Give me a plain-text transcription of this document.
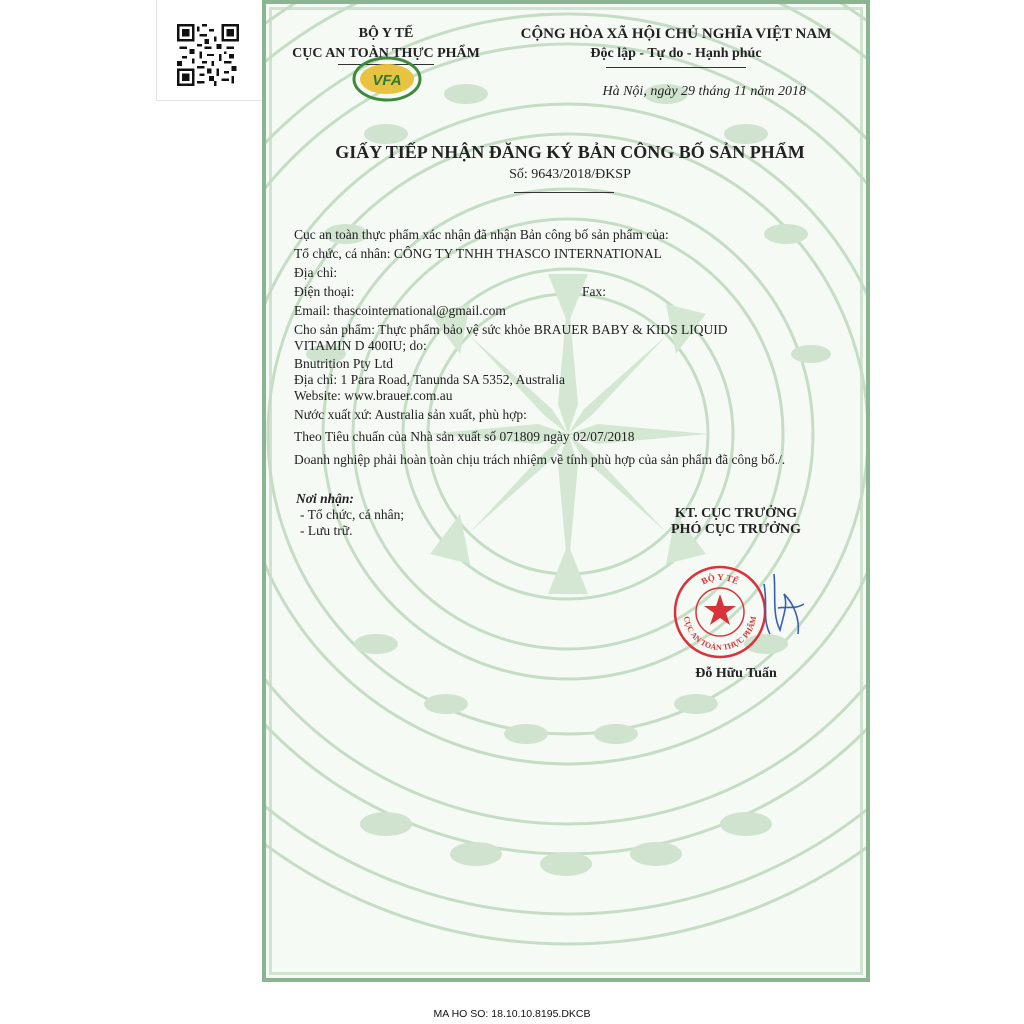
BỘ Y TẾ
CỤC AN TOÀN THỰC PHẨM
VFA
CỘNG HÒA XÃ HỘI CHỦ NGHĨA VIỆT NAM
Độc lập - Tự do - Hạnh phúc
Hà Nội, ngày 29 tháng 11 năm 2018
GIẤY TIẾP NHẬN ĐĂNG KÝ BẢN CÔNG BỐ SẢN PHẨM
Số: 9643/2018/ĐKSP
Cục an toàn thực phẩm xác nhận đã nhận Bản công bố sản phẩm của:
Tổ chức, cá nhân: CÔNG TY TNHH THASCO INTERNATIONAL
Địa chỉ:
Điện thoại:	Fax:
Email: thascointernational@gmail.com
Cho sản phẩm: Thực phẩm bảo vệ sức khỏe BRAUER BABY & KIDS LIQUID
VITAMIN D 400IU; do:
Bnutrition Pty Ltd
Địa chỉ: 1 Para Road, Tanunda SA 5352, Australia
Website: www.brauer.com.au
Nước xuất xứ: Australia sản xuất, phù hợp:
Theo Tiêu chuẩn của Nhà sản xuất số 071809 ngày 02/07/2018
Doanh nghiệp phải hoàn toàn chịu trách nhiệm về tính phù hợp của sản phẩm đã công bố./.
Nơi nhận:
- Tổ chức, cá nhân;
- Lưu trữ.
KT. CỤC TRƯỞNG
PHÓ CỤC TRƯỞNG
BỘ Y TẾ
CỤC AN TOÀN THỰC PHẨM
Đỗ Hữu Tuấn
MA HO SO: 18.10.10.8195.DKCB
